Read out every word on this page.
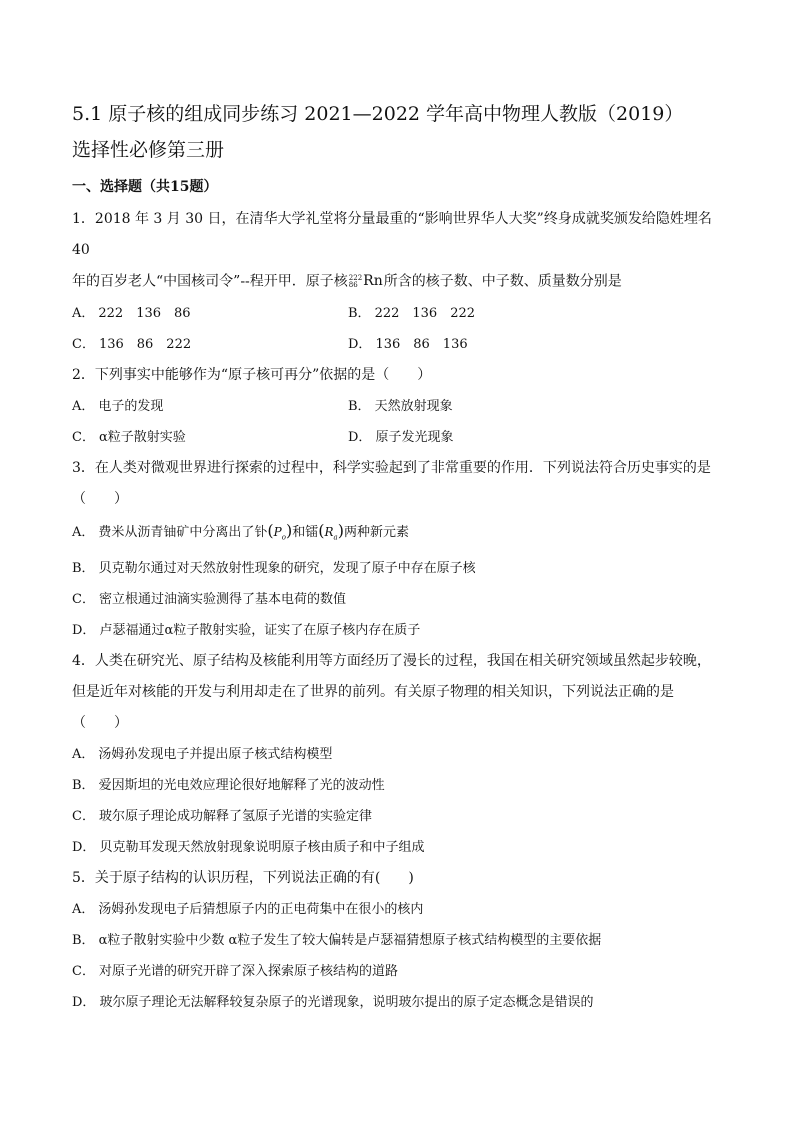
5.1 原子核的组成同步练习 2021—2022 学年高中物理人教版（2019）
选择性必修第三册
一、选择题（共15题）

1．2018 年 3 月 30 日，在清华大学礼堂将分量最重的“影响世界华人大奖”终身成就奖颁发给隐姓埋名 40

年的百岁老人“中国核司令”--程开甲．原子核 222
86 Rn 所含的核子数、中子数、质量数分别是

A． 222　136　86	B． 222　136　222
C． 136　86　222	D． 136　86　136

2．下列事实中能够作为“原子核可再分”依据的是（　　）

A． 电子的发现	B． 天然放射现象
C． α粒子散射实验	D． 原子发光现象

3．在人类对微观世界进行探索的过程中，科学实验起到了非常重要的作用．下列说法符合历史事实的是

（　　）

A． 费米从沥青铀矿中分离出了钋$(P_o)$和镭$(R_a)$两种新元素
B． 贝克勒尔通过对天然放射性现象的研究，发现了原子中存在原子核
C． 密立根通过油滴实验测得了基本电荷的数值
D． 卢瑟福通过α粒子散射实验，证实了在原子核内存在质子

4．人类在研究光、原子结构及核能利用等方面经历了漫长的过程，我国在相关研究领域虽然起步较晚，

但是近年对核能的开发与利用却走在了世界的前列。有关原子物理的相关知识，下列说法正确的是

（　　）

A． 汤姆孙发现电子并提出原子核式结构模型
B． 爱因斯坦的光电效应理论很好地解释了光的波动性
C． 玻尔原子理论成功解释了氢原子光谱的实验定律
D． 贝克勒耳发现天然放射现象说明原子核由质子和中子组成

5．关于原子结构的认识历程，下列说法正确的有(　　)

A． 汤姆孙发现电子后猜想原子内的正电荷集中在很小的核内
B． α粒子散射实验中少数 α粒子发生了较大偏转是卢瑟福猜想原子核式结构模型的主要依据
C． 对原子光谱的研究开辟了深入探索原子核结构的道路
D． 玻尔原子理论无法解释较复杂原子的光谱现象，说明玻尔提出的原子定态概念是错误的
